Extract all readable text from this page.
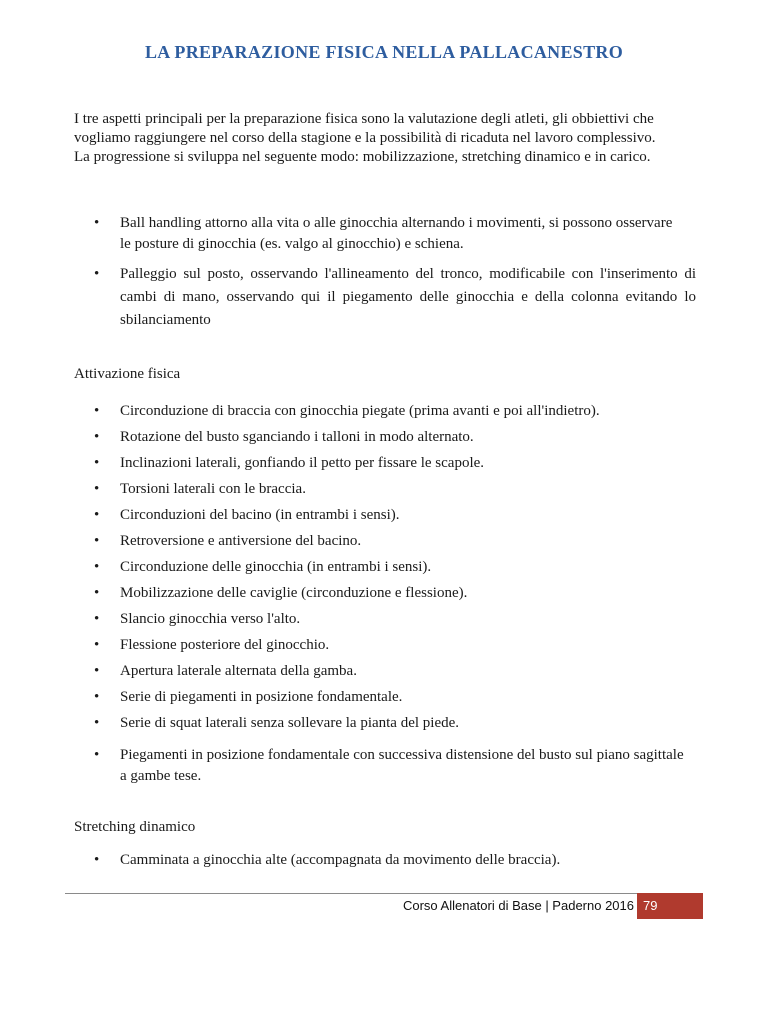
LA PREPARAZIONE FISICA NELLA PALLACANESTRO
I tre aspetti principali per la preparazione fisica sono la valutazione degli atleti, gli obbiettivi che
vogliamo raggiungere nel corso della stagione e la possibilità di ricaduta nel lavoro complessivo.
La progressione si sviluppa nel seguente modo: mobilizzazione, stretching dinamico e in carico.
• Ball handling attorno alla vita o alle ginocchia alternando i movimenti, si possono osservare
le posture di ginocchia (es. valgo al ginocchio) e schiena.
• Palleggio sul posto, osservando l'allineamento del tronco, modificabile con l'inserimento di
cambi di mano, osservando qui il piegamento delle ginocchia e della colonna evitando lo
sbilanciamento
Attivazione fisica
• Circonduzione di braccia con ginocchia piegate (prima avanti e poi all'indietro).
• Rotazione del busto sganciando i talloni in modo alternato.
• Inclinazioni laterali, gonfiando il petto per fissare le scapole.
• Torsioni laterali con le braccia.
• Circonduzioni del bacino (in entrambi i sensi).
• Retroversione e antiversione del bacino.
• Circonduzione delle ginocchia (in entrambi i sensi).
• Mobilizzazione delle caviglie (circonduzione e flessione).
• Slancio ginocchia verso l'alto.
• Flessione posteriore del ginocchio.
• Apertura laterale alternata della gamba.
• Serie di piegamenti in posizione fondamentale.
• Serie di squat laterali senza sollevare la pianta del piede.
• Piegamenti in posizione fondamentale con successiva distensione del busto sul piano sagittale
a gambe tese.
Stretching dinamico
• Camminata a ginocchia alte (accompagnata da movimento delle braccia).
Corso Allenatori di Base | Paderno 2016 79
